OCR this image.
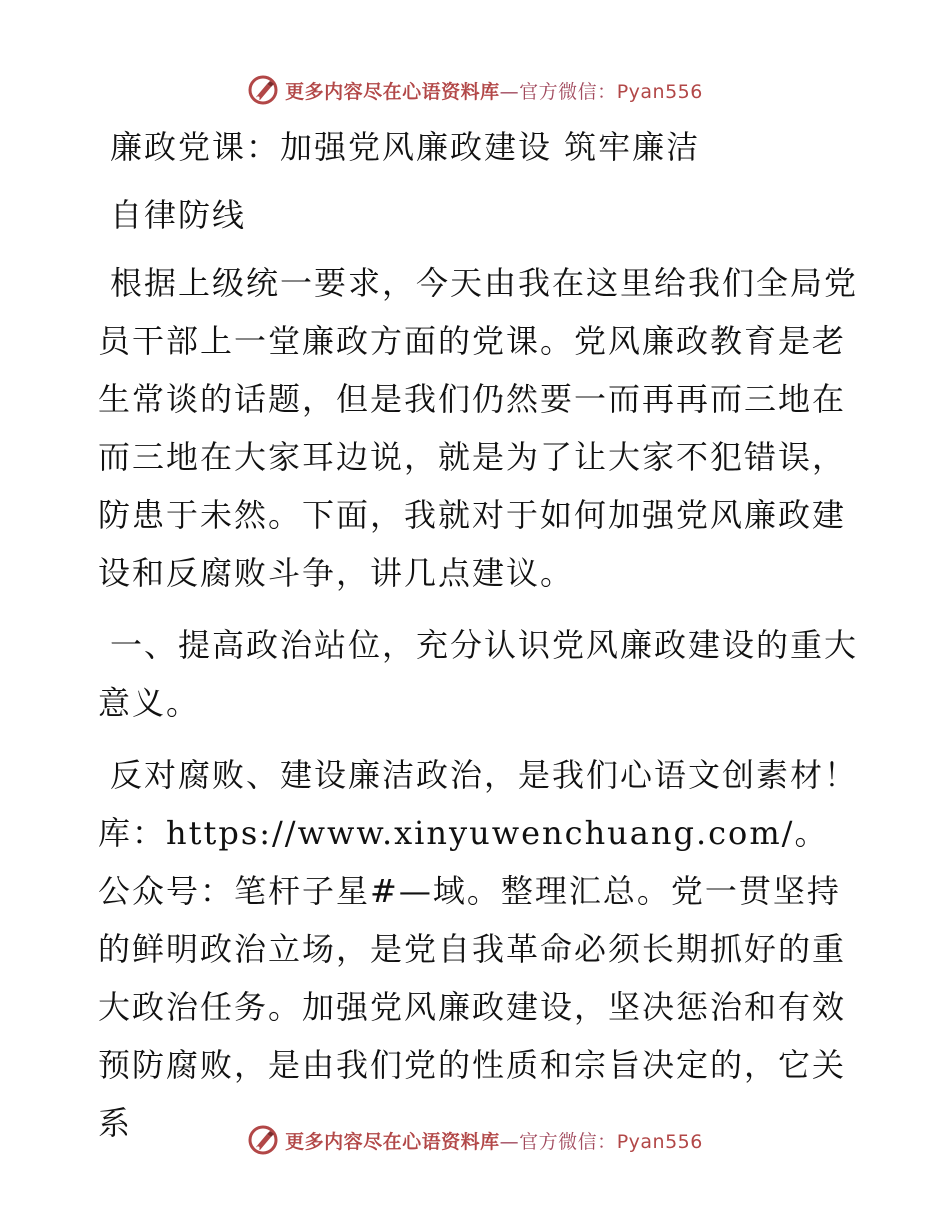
更多内容尽在心语资料库—官方微信：Pyan556

廉政党课：加强党风廉政建设 筑牢廉洁

自律防线

根据上级统一要求，今天由我在这里给我们全局党员干部上一堂廉政方面的党课。党风廉政教育是老生常谈的话题，但是我们仍然要一而再再而三地在而三地在大家耳边说，就是为了让大家不犯错误，防患于未然。下面，我就对于如何加强党风廉政建设和反腐败斗争，讲几点建议。

一、提高政治站位，充分认识党风廉政建设的重大意义。

反对腐败、建设廉洁政治，是我们心语文创素材！库：https://www.xinyuwenchuang.com/。公众号：笔杆子星#—域。整理汇总。党一贯坚持的鲜明政治立场，是党自我革命必须长期抓好的重大政治任务。加强党风廉政建设，坚决惩治和有效预防腐败，是由我们党的性质和宗旨决定的，它关系	更多内容尽在心语资料库—官方微信：Pyan556
